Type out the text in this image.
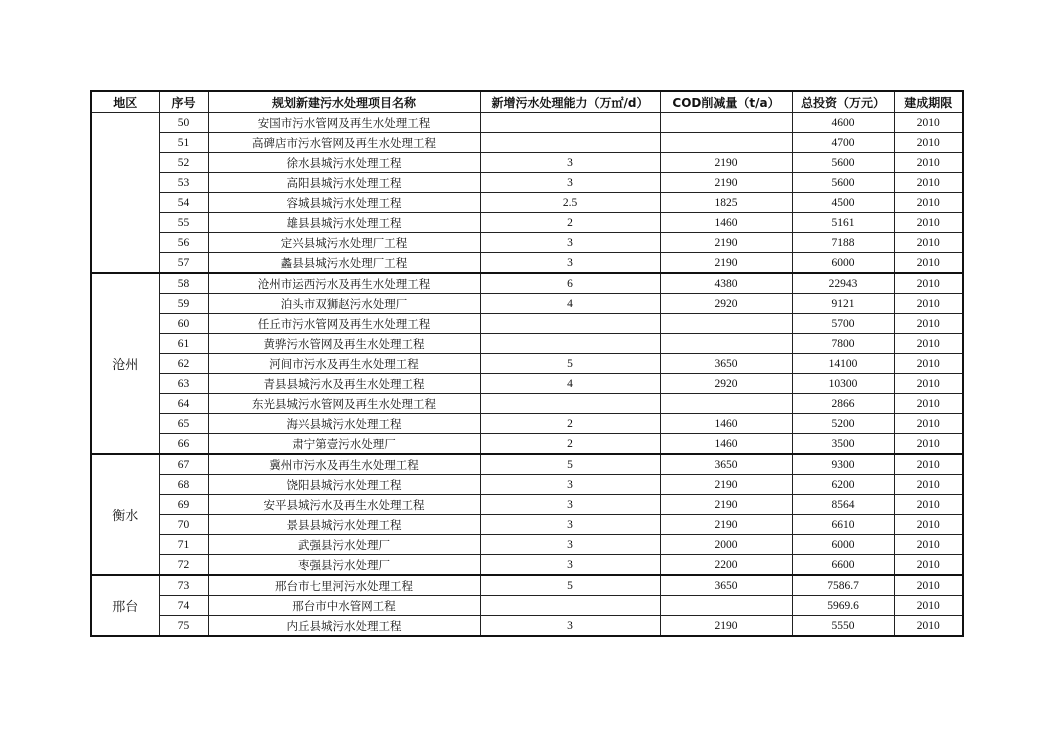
地区	序号	规划新建污水处理项目名称	新增污水处理能力（万㎡/d）	COD削减量（t/a）	总投资（万元）	建成期限
	50	安国市污水管网及再生水处理工程			4600	2010
	51	高碑店市污水管网及再生水处理工程			4700	2010
	52	徐水县城污水处理工程	3	2190	5600	2010
	53	高阳县城污水处理工程	3	2190	5600	2010
	54	容城县城污水处理工程	2.5	1825	4500	2010
	55	雄县县城污水处理工程	2	1460	5161	2010
	56	定兴县城污水处理厂工程	3	2190	7188	2010
	57	蠡县县城污水处理厂工程	3	2190	6000	2010
沧州	58	沧州市运西污水及再生水处理工程	6	4380	22943	2010
	59	泊头市双狮赵污水处理厂	4	2920	9121	2010
	60	任丘市污水管网及再生水处理工程			5700	2010
	61	黄骅污水管网及再生水处理工程			7800	2010
	62	河间市污水及再生水处理工程	5	3650	14100	2010
	63	青县县城污水及再生水处理工程	4	2920	10300	2010
	64	东光县城污水管网及再生水处理工程			2866	2010
	65	海兴县城污水处理工程	2	1460	5200	2010
	66	肃宁第壹污水处理厂	2	1460	3500	2010
衡水	67	冀州市污水及再生水处理工程	5	3650	9300	2010
	68	饶阳县城污水处理工程	3	2190	6200	2010
	69	安平县城污水及再生水处理工程	3	2190	8564	2010
	70	景县县城污水处理工程	3	2190	6610	2010
	71	武强县污水处理厂	3	2000	6000	2010
	72	枣强县污水处理厂	3	2200	6600	2010
邢台	73	邢台市七里河污水处理工程	5	3650	7586.7	2010
	74	邢台市中水管网工程			5969.6	2010
	75	内丘县城污水处理工程	3	2190	5550	2010
